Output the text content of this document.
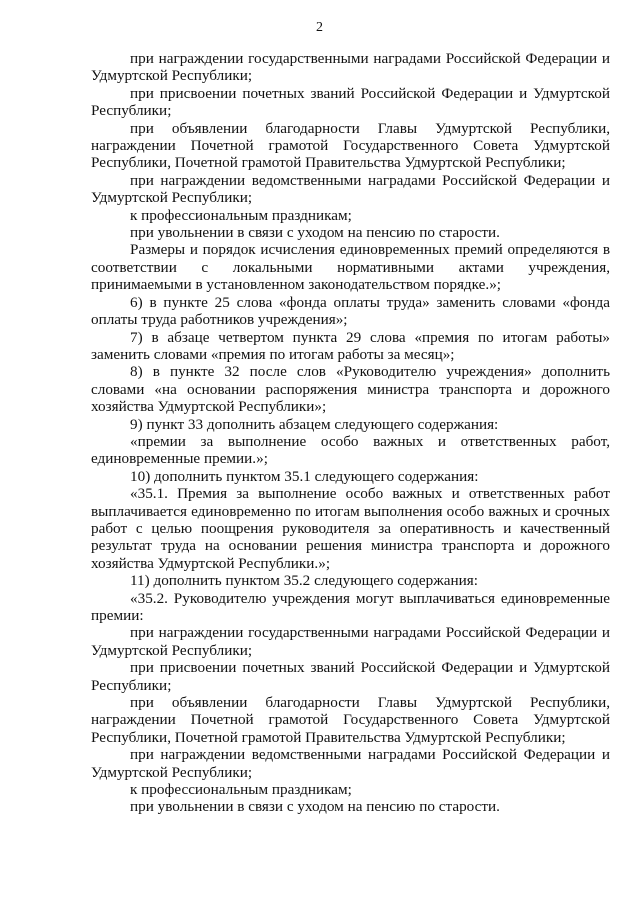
2

при награждении государственными наградами Российской Федерации и Удмуртской Республики;

при присвоении почетных званий Российской Федерации и Удмуртской Республики;

при объявлении благодарности Главы Удмуртской Республики, награждении Почетной грамотой Государственного Совета Удмуртской Республики, Почетной грамотой Правительства Удмуртской Республики;

при награждении ведомственными наградами Российской Федерации и Удмуртской Республики;

к профессиональным праздникам;

при увольнении в связи с уходом на пенсию по старости.

Размеры и порядок исчисления единовременных премий определяются в соответствии с локальными нормативными актами учреждения, принимаемыми в установленном законодательством порядке.»;

6) в пункте 25 слова «фонда оплаты труда» заменить словами «фонда оплаты труда работников учреждения»;

7) в абзаце четвертом пункта 29 слова «премия по итогам работы» заменить словами «премия по итогам работы за месяц»;

8) в пункте 32 после слов «Руководителю учреждения» дополнить словами «на основании распоряжения министра транспорта и дорожного хозяйства Удмуртской Республики»;

9) пункт 33 дополнить абзацем следующего содержания:

«премии за выполнение особо важных и ответственных работ, единовременные премии.»;

10) дополнить пунктом 35.1 следующего содержания:

«35.1. Премия за выполнение особо важных и ответственных работ выплачивается единовременно по итогам выполнения особо важных и срочных работ с целью поощрения руководителя за оперативность и качественный результат труда на основании решения министра транспорта и дорожного хозяйства Удмуртской Республики.»;

11) дополнить пунктом 35.2 следующего содержания:

«35.2. Руководителю учреждения могут выплачиваться единовременные премии:

при награждении государственными наградами Российской Федерации и Удмуртской Республики;

при присвоении почетных званий Российской Федерации и Удмуртской Республики;

при объявлении благодарности Главы Удмуртской Республики, награждении Почетной грамотой Государственного Совета Удмуртской Республики, Почетной грамотой Правительства Удмуртской Республики;

при награждении ведомственными наградами Российской Федерации и Удмуртской Республики;

к профессиональным праздникам;

при увольнении в связи с уходом на пенсию по старости.
